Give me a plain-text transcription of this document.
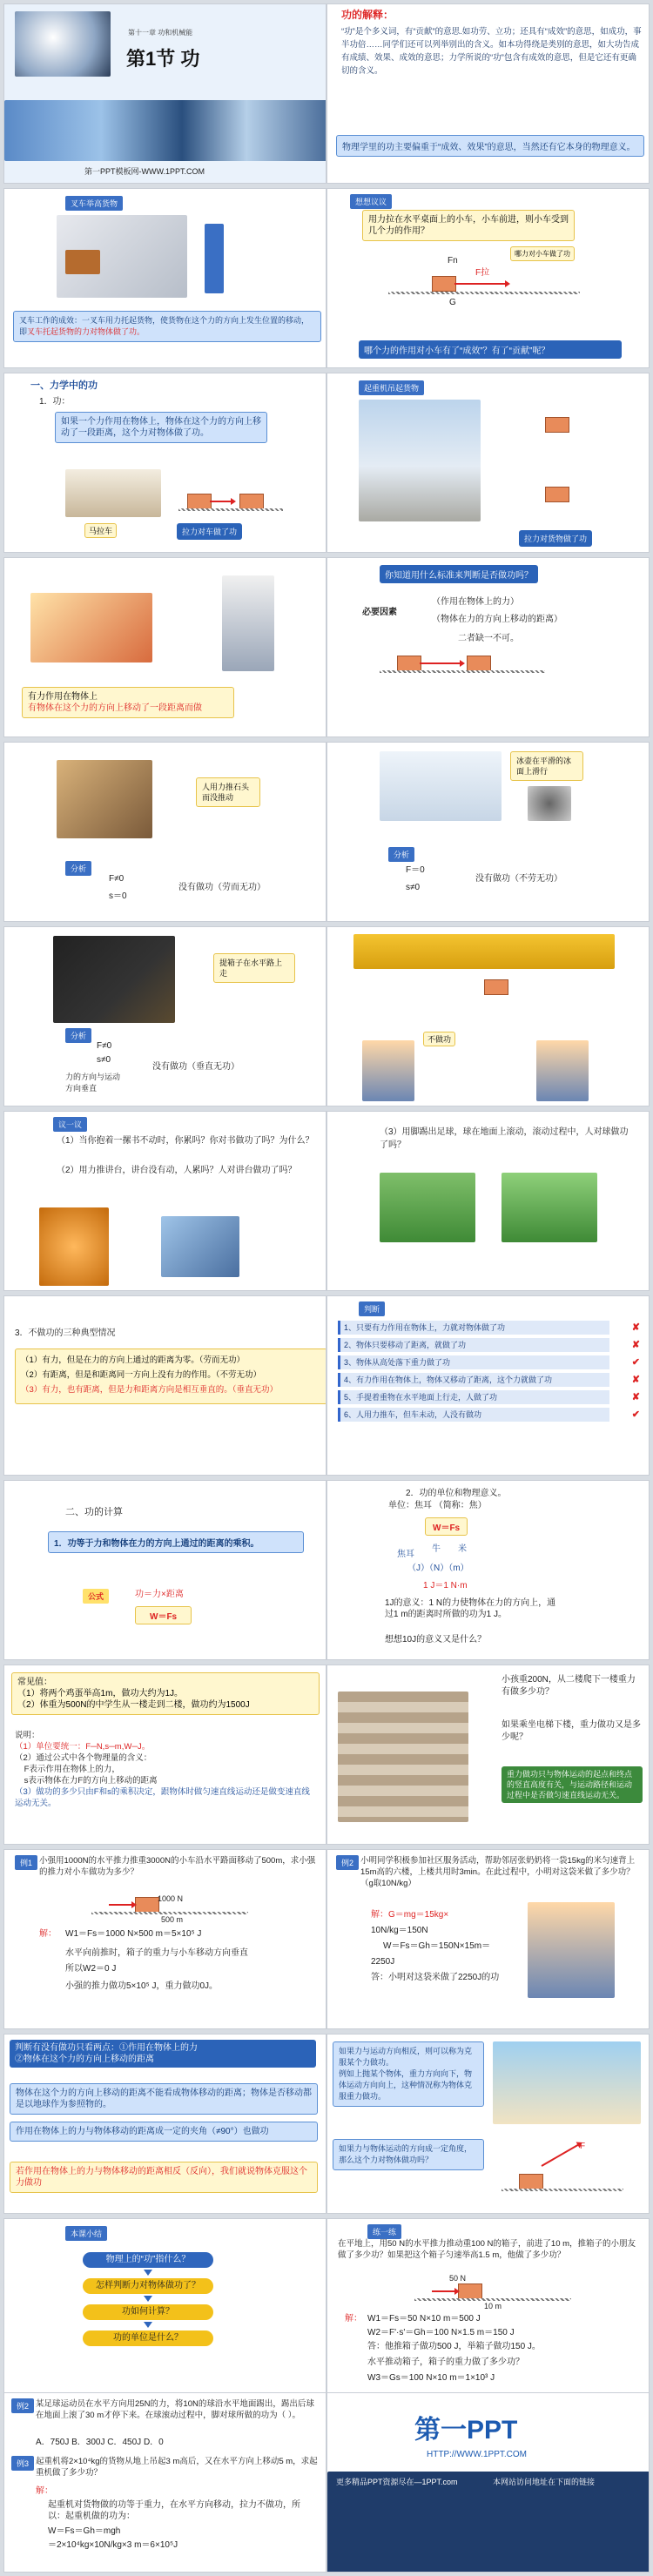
第十一章 功和机械能
第1节 功
第一PPT模板网-WWW.1PPT.COM
功的解释：
“功”是个多义词，有“贡献”的意思.如功劳、立功；还具有“成效”的意思，如成功，事半功倍……同学们还可以列举别出的含义。如本功得绕是类别的意思，如大功告成有成绩、效果、成效的意思；力学所说的“功”包含有成效的意思，但是它还有更确切的含义。
物理学里的功主要偏重于“成效、效果”的意思，当然还有它本身的物理意义。
叉车举高货物
叉车工作的成效：一叉车用力托起货物，使货物在这个力的方向上发生位置的移动，即叉车托起货物的力对物体做了功。
想想议议
用力拉在水平桌面上的小车，小车前进，则小车受到几个力的作用？
F拉
哪力对小车做了功
Fn
G
哪个力的作用对小车有了“成效”？有了“贡献”呢？
一、力学中的功
1．功：
如果一个力作用在物体上，物体在这个力的方向上移动了一段距离，这个力对物体做了功。
马拉车	拉力对车做了功
起重机吊起货物
拉力对货物做了功
有力作用在物体上
有物体在这个力的方向上移动了一段距离而做
你知道用什么标准来判断是否做功吗？
必要因素
（作用在物体上的力）
（物体在力的方向上移动的距离）
二者缺一不可。
人用力推石头而没推动
分析
F≠0
s＝0
没有做功（劳而无功）
冰壶在平滑的冰面上滑行
分析
F＝0
s≠0
没有做功（不劳无功）
提箱子在水平路上走
分析
F≠0
s≠0
力的方向与运动方向垂直
没有做功（垂直无功）
不做功
议一议
（1）当你抱着一摞书不动时，你累吗？你对书做功了吗？为什么？
（2）用力推讲台，讲台没有动，人累吗？人对讲台做功了吗？
（3）用脚踢出足球，球在地面上滚动，滚动过程中，人对球做功了吗？
3．不做功的三种典型情况
（1）有力，但是在力的方向上通过的距离为零。（劳而无功）
（2）有距离，但是和距离同一方向上没有力的作用。（不劳无功）
（3）有力，也有距离，但是力和距离方向是相互垂直的。（垂直无功）
判断
1、只要有力作用在物体上，力就对物体做了功	✘
2、物体只要移动了距离，就做了功	✘
3、物体从高处落下重力做了功	✔
4、有力作用在物体上，物体又移动了距离，这个力就做了功	✘
5、手提着重物在水平地面上行走，人做了功	✘
6、人用力推车，但车未动，人没有做功	✔
二、功的计算
1．功等于力和物体在力的方向上通过的距离的乘积。
公式	功＝力×距离
W＝Fs
2．功的单位和物理意义。
单位：焦耳 （简称：焦）
W＝Fs
焦耳
牛 米
（J）（N）（m）
1 J＝1 N·m
1J的意义：1 N的力使物体在力的方向上，通过1 m的距离时所做的功为1 J。
想想10J的意义又是什么？
常见值：
（1）将两个鸡蛋举高1m，做功大约为1J。
（2）体重为500N的中学生从一楼走到二楼，做功约为1500J
说明：
（1）单位要统一：F─N,s─m,W─J。
（2）通过公式中各个物理量的含义：
F表示作用在物体上的力，
s表示物体在力F的方向上移动的距离
（3）做功的多少只由F和s的乘积决定，跟物体时做匀速直线运动还是做变速直线运动无关。
小孩重200N，从二楼爬下一楼重力有做多少功？
如果乘坐电梯下楼，重力做功又是多少呢？
重力做功只与物体运动的起点和终点的竖直高度有关，与运动路径和运动过程中是否做匀速直线运动无关。
例1 小强用1000N的水平推力推重3000N的小车沿水平路面移动了500m，求小强的推力对小车做功为多少？
1000 N
500 m
解： W1＝Fs＝1000 N×500 m＝5×10⁵ J
水平向前推时，箱子的重力与小车移动方向垂直
所以W2＝0 J
小强的推力做功5×10⁵ J，重力做功0J。
例2 小明同学积极参加社区服务活动，帮助邻居张奶奶将一袋15kg的米匀速背上15m高的六楼，上楼共用时3min。在此过程中，小明对这袋米做了多少功？（g取10N/kg）
解：G＝mg＝15kg×
10N/kg＝150N
W＝Fs＝Gh＝150N×15m＝
2250J
答：小明对这袋米做了2250J的功
判断有没有做功只看两点：①作用在物体上的力
②物体在这个力的方向上移动的距离
物体在这个力的方向上移动的距离不能看成物体移动的距离；物体是否移动都是以地球作为参照物的。
作用在物体上的力与物体移动的距离成一定的夹角（≠90°）也做功
若作用在物体上的力与物体移动的距离相反（反向），我们就说物体克服这个力做功
如果力与运动方向相反，则可以称为克服某个力做功。
例如上抛某个物体，重力方向向下，物体运动方向向上，这种情况称为物体克服重力做功。
如果力与物体运动的方向成一定角度，那么这个力对物体做功吗？
F
本课小结
物理上的“功”指什么？
怎样判断力对物体做功了？
功如何计算？
功的单位是什么？
练一练
在平地上，用50 N的水平推力推动重100 N的箱子，前进了10 m，推箱子的小朋友做了多少功？如果把这个箱子匀速举高1.5 m，他做了多少功？
50 N
10 m
解： W1＝Fs＝50 N×10 m＝500 J
W2＝F'·s'＝Gh＝100 N×1.5 m＝150 J
答：他推箱子做功500 J，举箱子做功150 J。
水平推动箱子，箱子的重力做了多少功？
W3＝Gs＝100 N×10 m＝1×10³ J
例2 某足球运动员在水平方向用25N的力，将10N的球沿水平地面踢出，踢出后球在地面上滚了30 m才停下来。在球滚动过程中，脚对球所做的功为（ ）。
A．750J B．300J C．450J D．0
例3 起重机将2×10⁴kg的货物从地上吊起3 m高后，又在水平方向上移动5 m，求起重机做了多少功？
解：
起重机对货物做的功等于重力，在水平方向移动，拉力不做功，所以：起重机做的功为：
W＝Fs＝Gh＝mgh
＝2×10⁴kg×10N/kg×3 m＝6×10⁵J
第一PPT
HTTP://WWW.1PPT.COM
更多精品PPT资源尽在—1PPT.com	本网站访问地址在下面的链接
